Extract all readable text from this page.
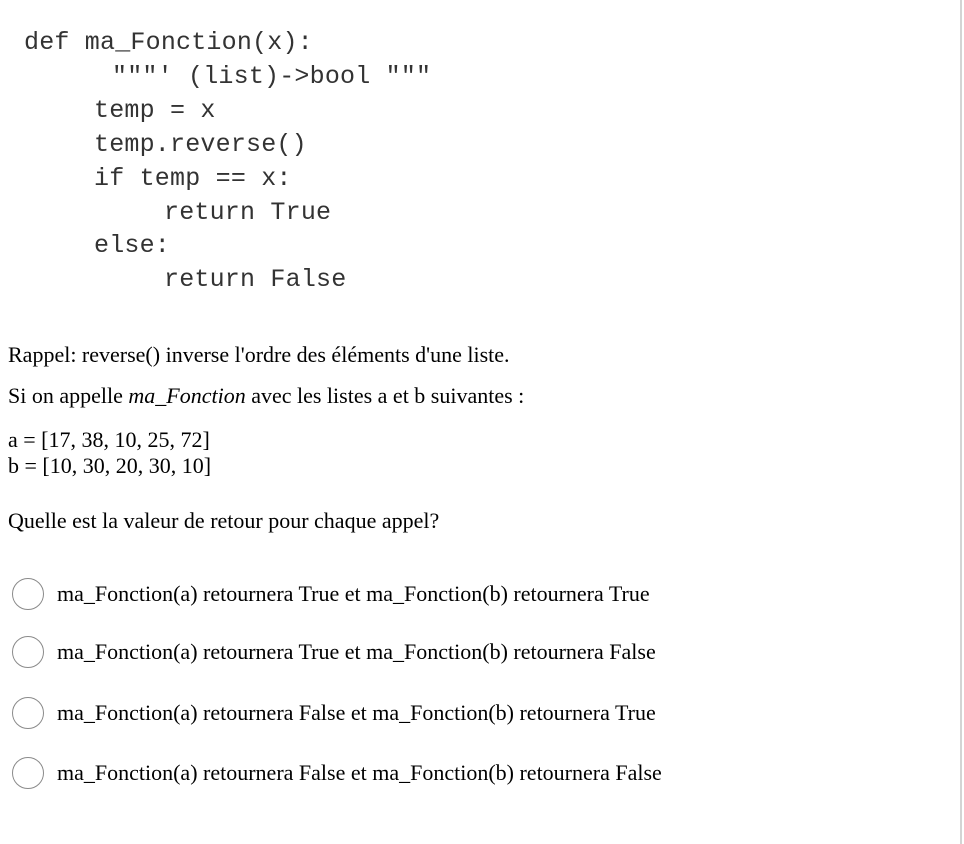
def ma_Fonction(x):
"""' (list)->bool """
temp = x
temp.reverse()
if temp == x:
return True
else:
return False
Rappel: reverse() inverse l'ordre des éléments d'une liste.
Si on appelle ma_Fonction avec les listes a et b suivantes :
a = [17, 38, 10, 25, 72]
b = [10, 30, 20, 30, 10]
Quelle est la valeur de retour pour chaque appel?
ma_Fonction(a) retournera True et ma_Fonction(b) retournera True
ma_Fonction(a) retournera True et ma_Fonction(b) retournera False
ma_Fonction(a) retournera False et ma_Fonction(b) retournera True
ma_Fonction(a) retournera False et ma_Fonction(b) retournera False
